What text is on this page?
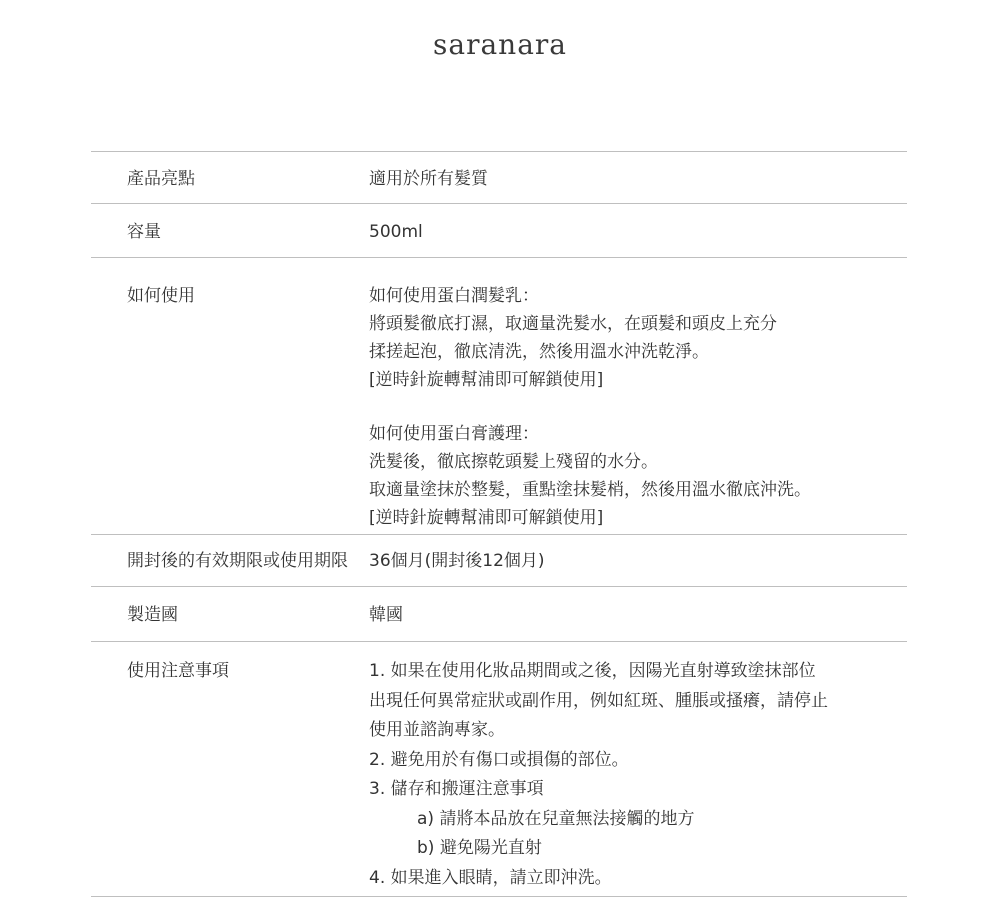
saranara
產品亮點	適用於所有髮質
容量	500ml
如何使用	如何使用蛋白潤髮乳：
將頭髮徹底打濕，取適量洗髮水，在頭髮和頭皮上充分
揉搓起泡，徹底清洗，然後用溫水沖洗乾淨。
[逆時針旋轉幫浦即可解鎖使用]
如何使用蛋白膏護理：
洗髮後，徹底擦乾頭髮上殘留的水分。
取適量塗抹於整髮，重點塗抹髮梢，然後用溫水徹底沖洗。
[逆時針旋轉幫浦即可解鎖使用]
開封後的有效期限或使用期限	36個月(開封後12個月)
製造國	韓國
使用注意事項	1. 如果在使用化妝品期間或之後，因陽光直射導致塗抹部位
出現任何異常症狀或副作用，例如紅斑、腫脹或搔癢，請停止
使用並諮詢專家。
2. 避免用於有傷口或損傷的部位。
3. 儲存和搬運注意事項
a) 請將本品放在兒童無法接觸的地方
b) 避免陽光直射
4. 如果進入眼睛，請立即沖洗。
